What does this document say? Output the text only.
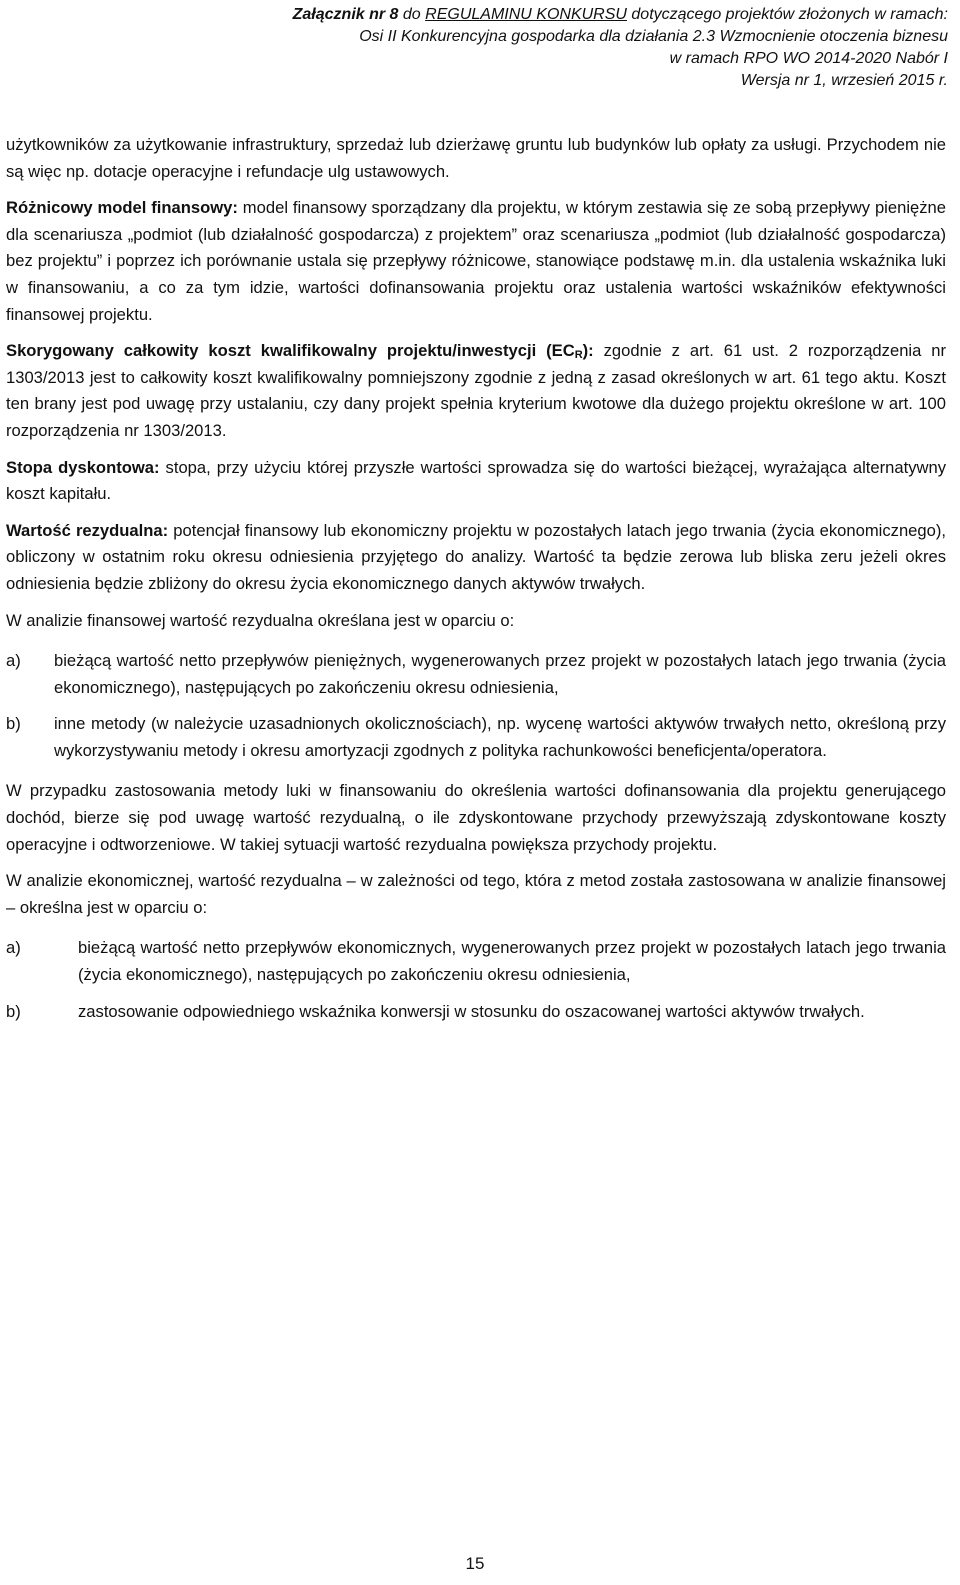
Załącznik nr 8 do REGULAMINU KONKURSU dotyczącego projektów złożonych w ramach:
Osi II Konkurencyjna gospodarka dla działania 2.3 Wzmocnienie otoczenia biznesu
w ramach RPO WO 2014-2020 Nabór I
Wersja nr 1, wrzesień 2015 r.

użytkowników za użytkowanie infrastruktury, sprzedaż lub dzierżawę gruntu lub budynków lub opłaty za usługi. Przychodem nie są więc np. dotacje operacyjne i refundacje ulg ustawowych.

Różnicowy model finansowy: model finansowy sporządzany dla projektu, w którym zestawia się ze sobą przepływy pieniężne dla scenariusza „podmiot (lub działalność gospodarcza) z projektem” oraz scenariusza „podmiot (lub działalność gospodarcza) bez projektu” i poprzez ich porównanie ustala się przepływy różnicowe, stanowiące podstawę m.in. dla ustalenia wskaźnika luki w finansowaniu, a co za tym idzie, wartości dofinansowania projektu oraz ustalenia wartości wskaźników efektywności finansowej projektu.

Skorygowany całkowity koszt kwalifikowalny projektu/inwestycji $(EC_R)$: zgodnie z art. 61 ust. 2 rozporządzenia nr 1303/2013 jest to całkowity koszt kwalifikowalny pomniejszony zgodnie z jedną z zasad określonych w art. 61 tego aktu. Koszt ten brany jest pod uwagę przy ustalaniu, czy dany projekt spełnia kryterium kwotowe dla dużego projektu określone w art. 100 rozporządzenia nr 1303/2013.

Stopa dyskontowa: stopa, przy użyciu której przyszłe wartości sprowadza się do wartości bieżącej, wyrażająca alternatywny koszt kapitału.

Wartość rezydualna: potencjał finansowy lub ekonomiczny projektu w pozostałych latach jego trwania (życia ekonomicznego), obliczony w ostatnim roku okresu odniesienia przyjętego do analizy. Wartość ta będzie zerowa lub bliska zeru jeżeli okres odniesienia będzie zbliżony do okresu życia ekonomicznego danych aktywów trwałych.

W analizie finansowej wartość rezydualna określana jest w oparciu o:

a)	bieżącą wartość netto przepływów pieniężnych, wygenerowanych przez projekt w pozostałych latach jego trwania (życia ekonomicznego), następujących po zakończeniu okresu odniesienia,
b)	inne metody (w należycie uzasadnionych okolicznościach), np. wycenę wartości aktywów trwałych netto, określoną przy wykorzystywaniu metody i okresu amortyzacji zgodnych z polityka rachunkowości beneficjenta/operatora.

W przypadku zastosowania metody luki w finansowaniu do określenia wartości dofinansowania dla projektu generującego dochód, bierze się pod uwagę wartość rezydualną, o ile zdyskontowane przychody przewyższają zdyskontowane koszty operacyjne i odtworzeniowe. W takiej sytuacji wartość rezydualna powiększa przychody projektu.

W analizie ekonomicznej, wartość rezydualna – w zależności od tego, która z metod została zastosowana w analizie finansowej – określna jest w oparciu o:

a)	bieżącą wartość netto przepływów ekonomicznych, wygenerowanych przez projekt w pozostałych latach jego trwania (życia ekonomicznego), następujących po zakończeniu okresu odniesienia,
b)	zastosowanie odpowiedniego wskaźnika konwersji w stosunku do oszacowanej wartości aktywów trwałych.
15
